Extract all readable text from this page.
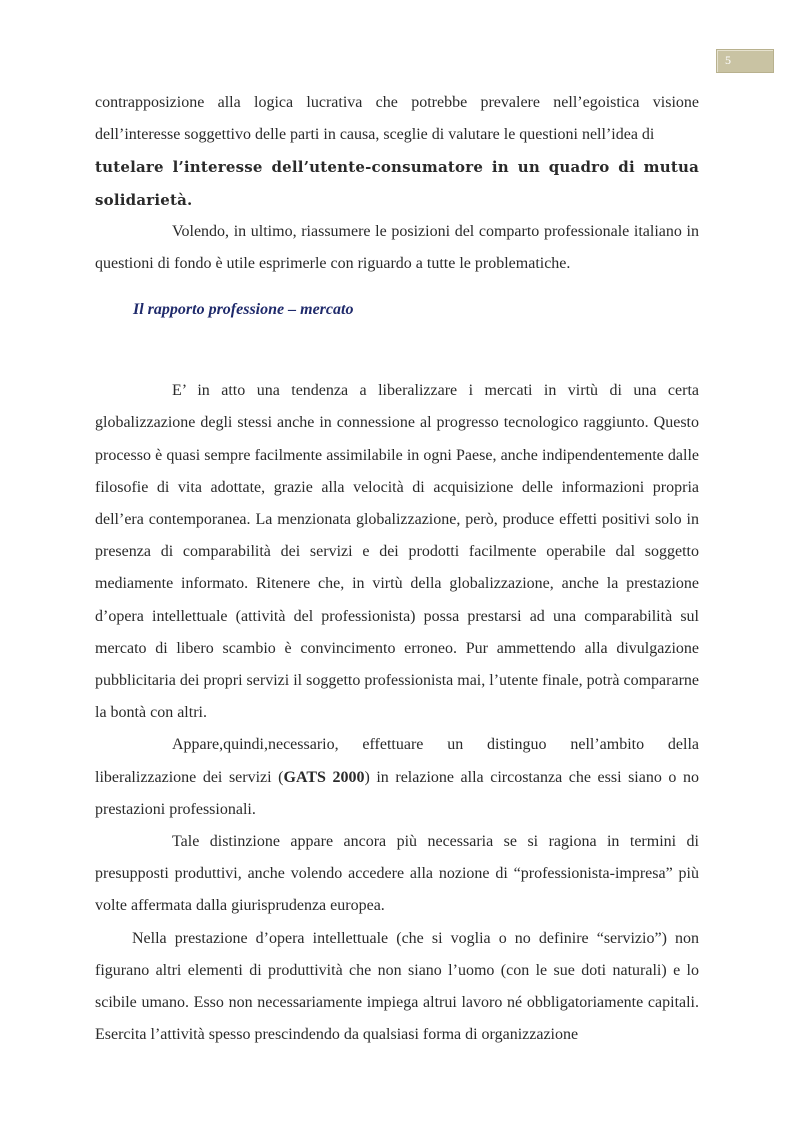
5

contrapposizione alla logica lucrativa che potrebbe prevalere nell’egoistica visione dell’interesse soggettivo delle parti in causa, sceglie di valutare le questioni nell’idea di

tutelare l’interesse dell’utente-consumatore in un quadro di mutua solidarietà.

Volendo, in ultimo, riassumere le posizioni del comparto professionale italiano in questioni di fondo è utile esprimerle con riguardo a tutte le problematiche.

Il rapporto professione – mercato

E’ in atto una tendenza a liberalizzare i mercati in virtù di una certa globalizzazione degli stessi anche in connessione al progresso tecnologico raggiunto. Questo processo è quasi sempre facilmente assimilabile in ogni Paese, anche indipendentemente dalle filosofie di vita adottate, grazie alla velocità di acquisizione delle informazioni propria dell’era contemporanea. La menzionata globalizzazione, però, produce effetti positivi solo in presenza di comparabilità dei servizi e dei prodotti facilmente operabile dal soggetto mediamente informato. Ritenere che, in virtù della globalizzazione, anche la prestazione d’opera intellettuale (attività del professionista) possa prestarsi ad una comparabilità sul mercato di libero scambio è convincimento erroneo. Pur ammettendo alla divulgazione pubblicitaria dei propri servizi il soggetto professionista mai, l’utente finale, potrà compararne la bontà con altri.

Appare,quindi,necessario, effettuare un distinguo nell’ambito della liberalizzazione dei servizi (GATS 2000) in relazione alla circostanza che essi siano o no prestazioni professionali.

Tale distinzione appare ancora più necessaria se si ragiona in termini di presupposti produttivi, anche volendo accedere alla nozione di “professionista-impresa” più volte affermata dalla giurisprudenza europea.

Nella prestazione d’opera intellettuale (che si voglia o no definire “servizio”) non figurano altri elementi di produttività che non siano l’uomo (con le sue doti naturali) e lo scibile umano. Esso non necessariamente impiega altrui lavoro né obbligatoriamente capitali. Esercita l’attività spesso prescindendo da qualsiasi forma di organizzazione
